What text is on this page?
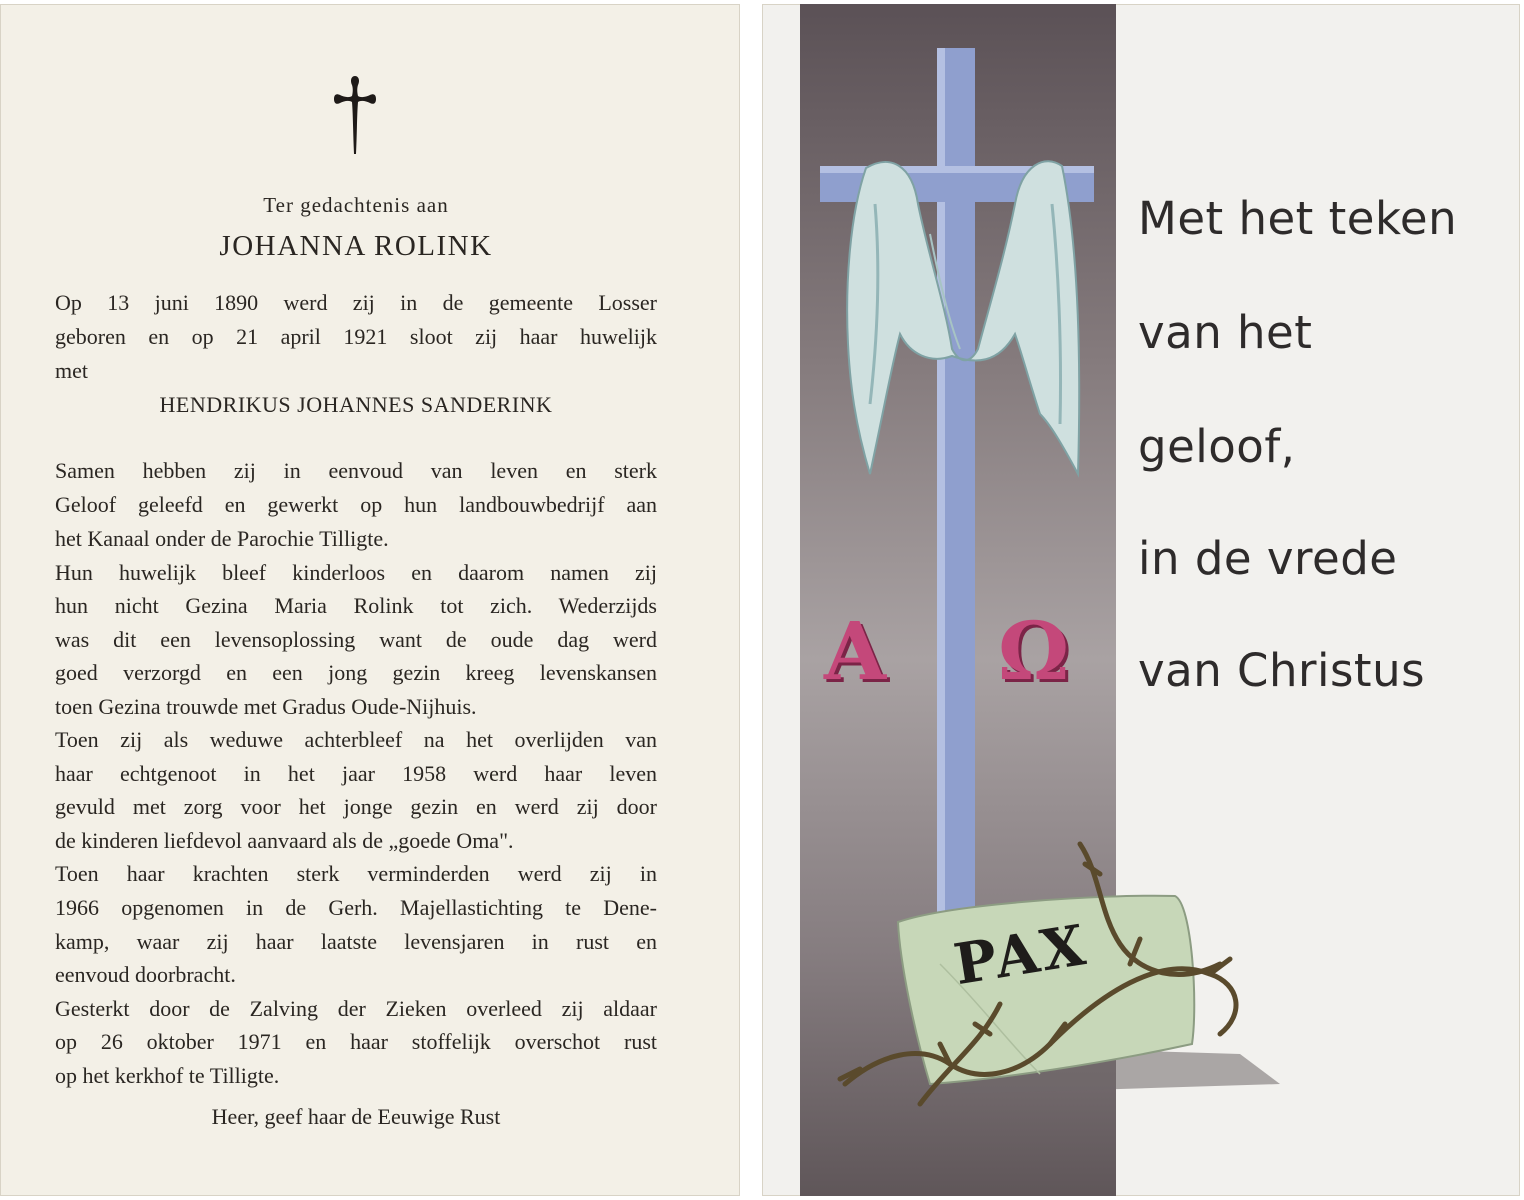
Ter gedachtenis aan
JOHANNA ROLINK
Op 13 juni 1890 werd zij in de gemeente Losser
geboren en op 21 april 1921 sloot zij haar huwelijk
met
HENDRIKUS JOHANNES SANDERINK
Samen hebben zij in eenvoud van leven en sterk
Geloof geleefd en gewerkt op hun landbouwbedrijf aan
het Kanaal onder de Parochie Tilligte.
Hun huwelijk bleef kinderloos en daarom namen zij
hun nicht Gezina Maria Rolink tot zich. Wederzijds
was dit een levensoplossing want de oude dag werd
goed verzorgd en een jong gezin kreeg levenskansen
toen Gezina trouwde met Gradus Oude-Nijhuis.
Toen zij als weduwe achterbleef na het overlijden van
haar echtgenoot in het jaar 1958 werd haar leven
gevuld met zorg voor het jonge gezin en werd zij door
de kinderen liefdevol aanvaard als de „goede Oma".
Toen haar krachten sterk verminderden werd zij in
1966 opgenomen in de Gerh. Majellastichting te Dene-
kamp, waar zij haar laatste levensjaren in rust en
eenvoud doorbracht.
Gesterkt door de Zalving der Zieken overleed zij aldaar
op 26 oktober 1971 en haar stoffelijk overschot rust
op het kerkhof te Tilligte.
Heer, geef haar de Eeuwige Rust
A Ω
PAX
Met het teken
van het
geloof,
in de vrede
van Christus
